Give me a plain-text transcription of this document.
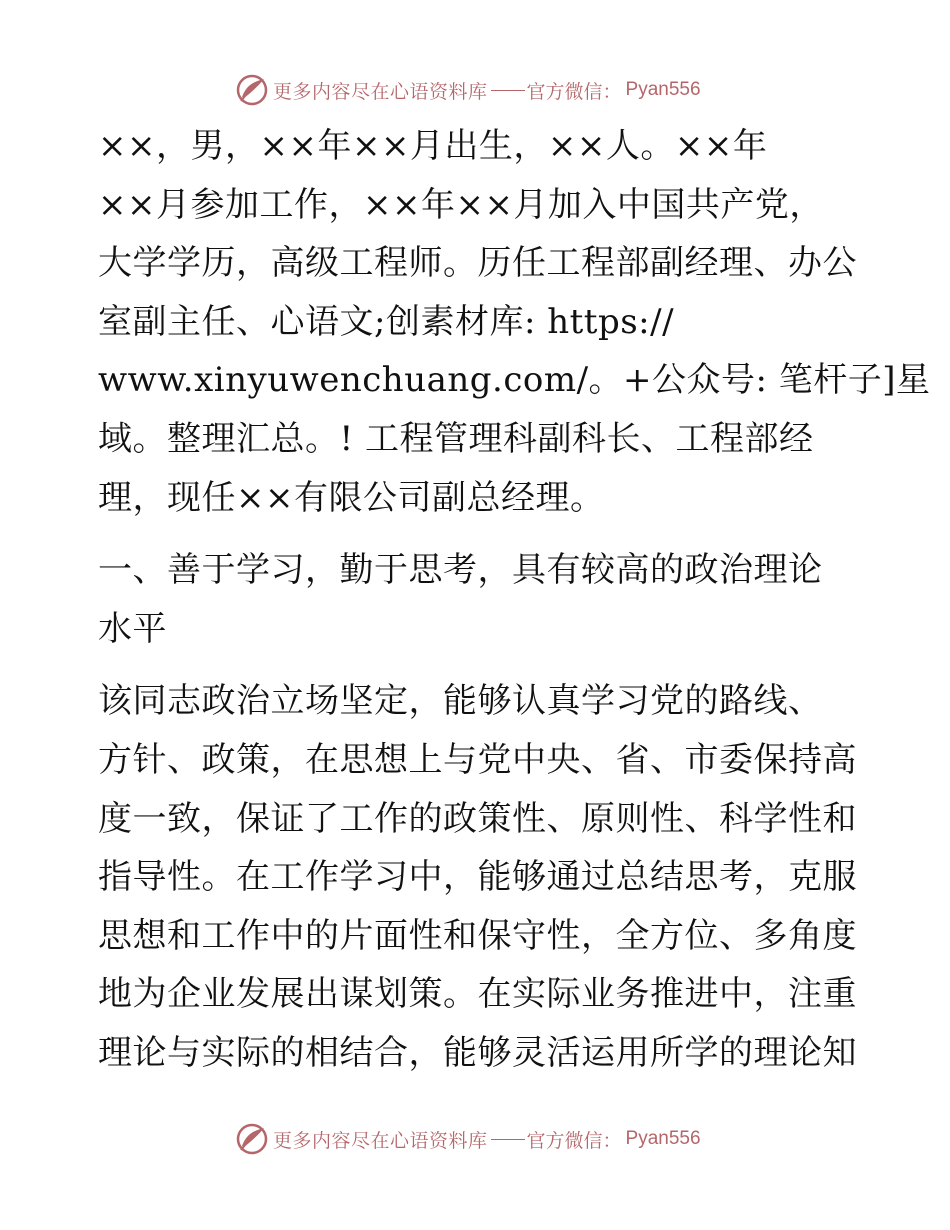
更多内容尽在心语资料库 官方微信： Pyan556
××，男，××年××月出生，××人。××年
××月参加工作，××年××月加入中国共产党，
大学学历，高级工程师。历任工程部副经理、办公
室副主任、心语文;创素材库: https://
www.xinyuwenchuang.com/。+公众号: 笔杆子]星
域。整理汇总。! 工程管理科副科长、工程部经
理，现任××有限公司副总经理。
一、善于学习，勤于思考，具有较高的政治理论
水平
该同志政治立场坚定，能够认真学习党的路线、
方针、政策，在思想上与党中央、省、市委保持高
度一致，保证了工作的政策性、原则性、科学性和
指导性。在工作学习中，能够通过总结思考，克服
思想和工作中的片面性和保守性，全方位、多角度
地为企业发展出谋划策。在实际业务推进中，注重
理论与实际的相结合，能够灵活运用所学的理论知
更多内容尽在心语资料库 官方微信： Pyan556
